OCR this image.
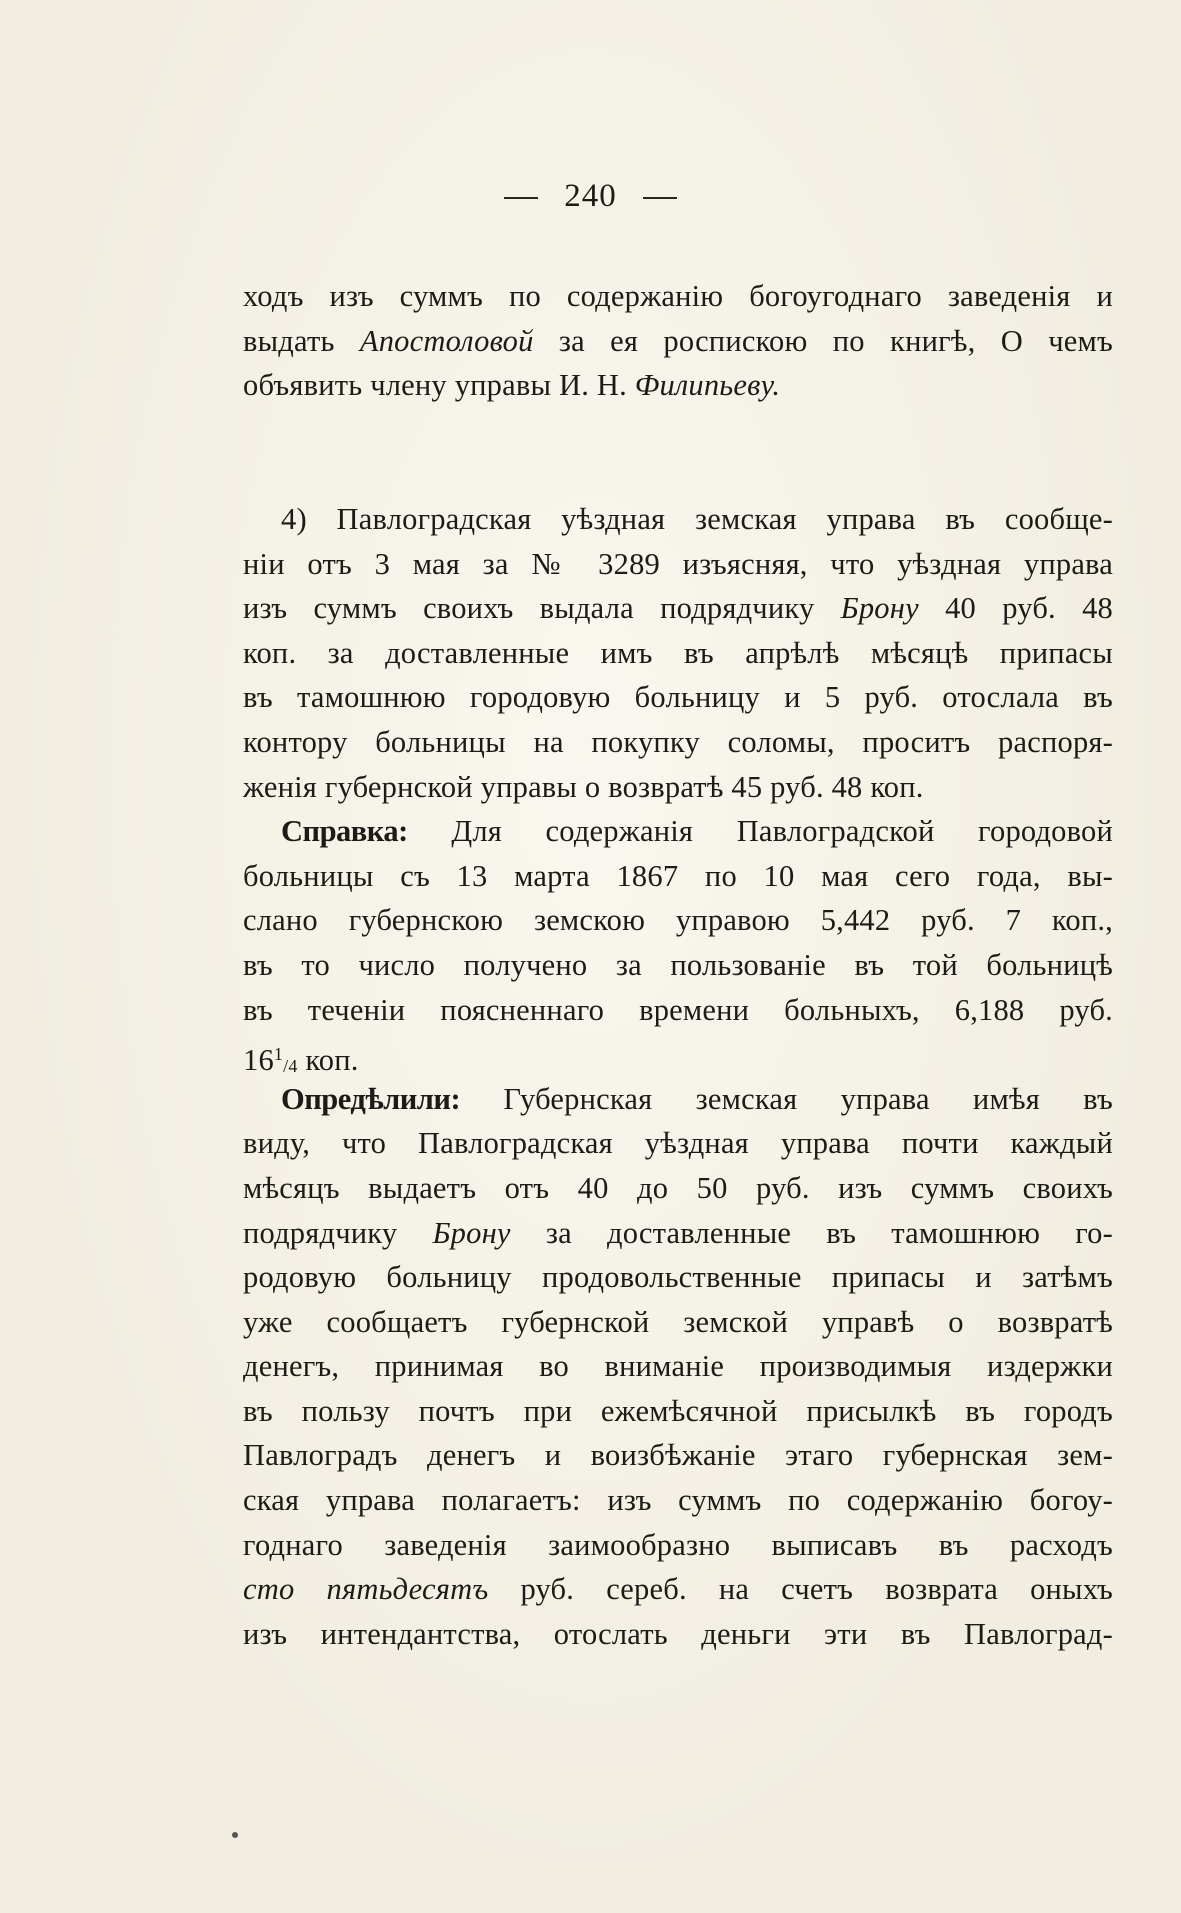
240
ходъ изъ суммъ по содержанію богоугоднаго заведенія и
выдать Апостоловой за ея роспискою по книгѣ, О чемъ
объявить члену управы И. Н. Филипьеву.
4) Павлоградская уѣздная земская управа въ сообще-
ніи отъ 3 мая за № 3289 изъясняя, что уѣздная управа
изъ суммъ своихъ выдала подрядчику Брону 40 руб. 48
коп. за доставленные имъ въ апрѣлѣ мѣсяцѣ припасы
въ тамошнюю городовую больницу и 5 руб. отослала въ
контору больницы на покупку соломы, проситъ распоря-
женія губернской управы о возвратѣ 45 руб. 48 коп.
Справка: Для содержанія Павлоградской городовой
больницы съ 13 марта 1867 по 10 мая сего года, вы-
слано губернскою земскою управою 5,442 руб. 7 коп.,
въ то число получено за пользованіе въ той больницѣ
въ теченіи поясненнаго времени больныхъ, 6,188 руб.
$16^1/4$ коп.
Опредѣлили: Губернская земская управа имѣя въ
виду, что Павлоградская уѣздная управа почти каждый
мѣсяцъ выдаетъ отъ 40 до 50 руб. изъ суммъ своихъ
подрядчику Брону за доставленные въ тамошнюю го-
родовую больницу продовольственные припасы и затѣмъ
уже сообщаетъ губернской земской управѣ о возвратѣ
денегъ, принимая во вниманіе производимыя издержки
въ пользу почтъ при ежемѣсячной присылкѣ въ городъ
Павлоградъ денегъ и воизбѣжаніе этаго губернская зем-
ская управа полагаетъ: изъ суммъ по содержанію богоу-
годнаго заведенія заимообразно выписавъ въ расходъ
сто пятьдесятъ руб. сереб. на счетъ возврата оныхъ
изъ интендантства, отослать деньги эти въ Павлоград-
